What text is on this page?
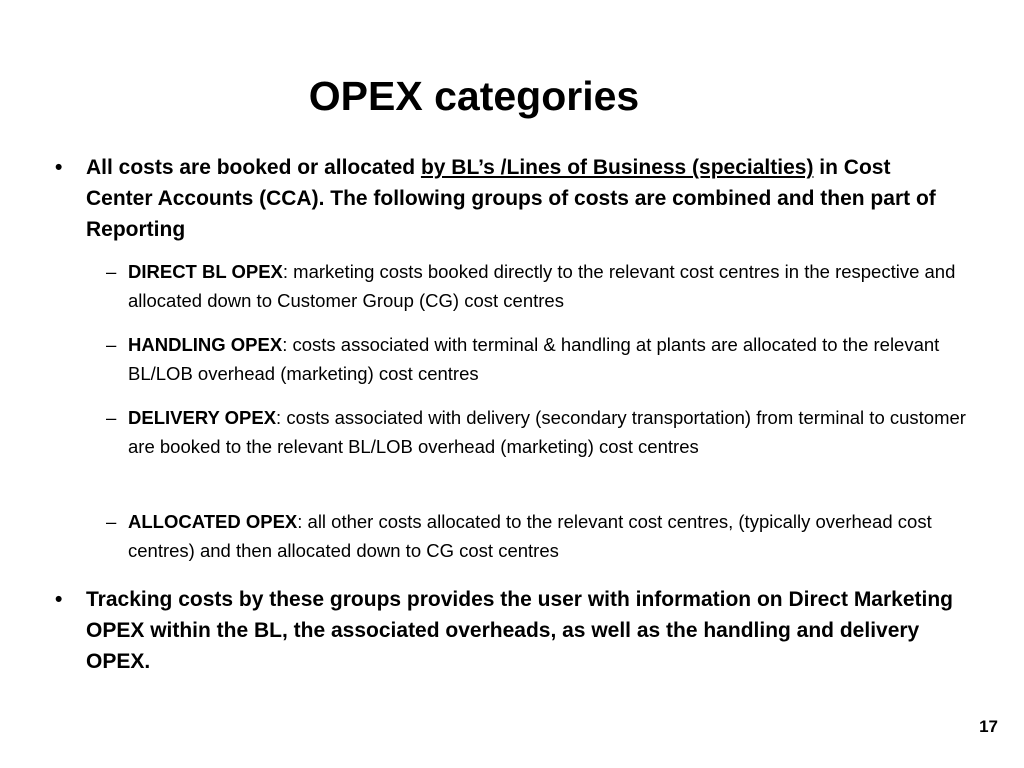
OPEX categories
• All costs are booked or allocated by BL’s /Lines of Business (specialties) in Cost Center Accounts (CCA). The following groups of costs are combined and then part of Reporting
– DIRECT BL OPEX: marketing costs booked directly to the relevant cost centres in the respective and allocated down to Customer Group (CG) cost centres
– HANDLING OPEX: costs associated with terminal & handling at plants are allocated to the relevant BL/LOB overhead (marketing) cost centres
– DELIVERY OPEX: costs associated with delivery (secondary transportation) from terminal to customer are booked to the relevant BL/LOB overhead (marketing) cost centres
– ALLOCATED OPEX: all other costs allocated to the relevant cost centres, (typically overhead cost centres) and then allocated down to CG cost centres
• Tracking costs by these groups provides the user with information on Direct Marketing OPEX within the BL, the associated overheads, as well as the handling and delivery OPEX.
17
